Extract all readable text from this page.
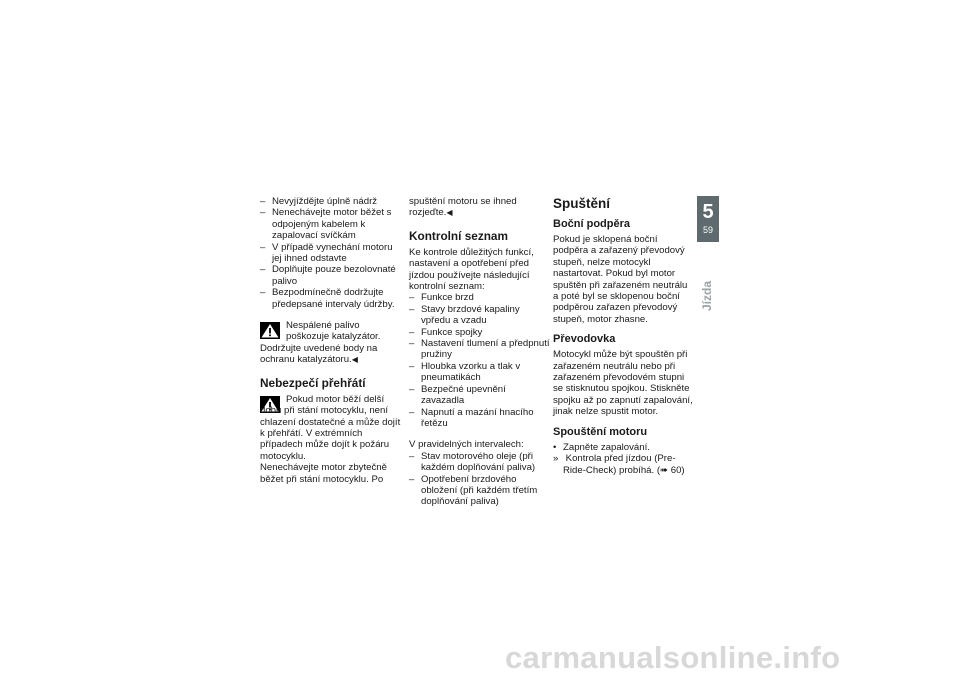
– Nevyjíždějte úplně nádrž
– Nenechávejte motor běžet s odpojeným kabelem k zapalovací svíčkám
– V případě vynechání motoru jej ihned odstavte
– Doplňujte pouze bezolovnaté palivo
– Bezpodmínečně dodržujte předepsané intervaly údržby.
Nespálené palivo poškozuje katalyzátor.
Dodržujte uvedené body na ochranu katalyzátoru.◀
Nebezpečí přehřátí
Pokud motor běží delší dobu při stání motocyklu, není chlazení dostatečné a může dojít k přehřátí. V extrémních případech může dojít k požáru motocyklu.
Nenechávejte motor zbytečně běžet při stání motocyklu. Po
spuštění motoru se ihned rozjeďte.◀
Kontrolní seznam
Ke kontrole důležitých funkcí, nastavení a opotřebení před jízdou používejte následující kontrolní seznam:
– Funkce brzd
– Stavy brzdové kapaliny vpředu a vzadu
– Funkce spojky
– Nastavení tlumení a předpnutí pružiny
– Hloubka vzorku a tlak v pneumatikách
– Bezpečné upevnění zavazadla
– Napnutí a mazání hnacího řetězu
V pravidelných intervalech:
– Stav motorového oleje (při každém doplňování paliva)
– Opotřebení brzdového obložení (při každém třetím doplňování paliva)
Spuštění
Boční podpěra
Pokud je sklopená boční podpěra a zařazený převodový stupeň, nelze motocykl nastartovat. Pokud byl motor spuštěn při zařazeném neutrálu a poté byl se sklopenou boční podpěrou zařazen převodový stupeň, motor zhasne.
Převodovka
Motocykl může být spouštěn při zařazeném neutrálu nebo při zařazeném převodovém stupni se stisknutou spojkou. Stiskněte spojku až po zapnutí zapalování, jinak nelze spustit motor.
Spouštění motoru
• Zapněte zapalování.
» Kontrola před jízdou (Pre-Ride-Check) probíhá. (➠ 60)
5
59
Jízda
carmanualsonline.info
